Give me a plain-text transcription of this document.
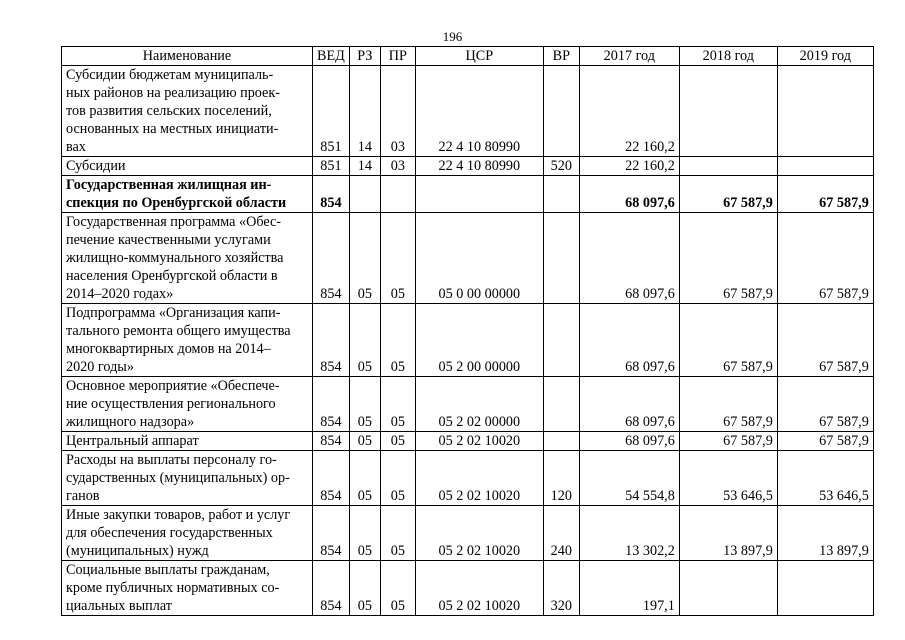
196
Наименование	ВЕД	РЗ	ПР	ЦСР	ВР	2017 год	2018 год	2019 год
Субсидии бюджетам муниципаль-
ных районов на реализацию проек-
тов развития сельских поселений,
основанных на местных инициати-
вах	851	14	03	22 4 10 80990		22 160,2		
Субсидии	851	14	03	22 4 10 80990	520	22 160,2		
Государственная жилищная ин-
спекция по Оренбургской области	854					68 097,6	67 587,9	67 587,9
Государственная программа «Обес-
печение качественными услугами
жилищно-коммунального хозяйства
населения Оренбургской области в
2014–2020 годах»	854	05	05	05 0 00 00000		68 097,6	67 587,9	67 587,9
Подпрограмма «Организация капи-
тального ремонта общего имущества
многоквартирных домов на 2014–
2020 годы»	854	05	05	05 2 00 00000		68 097,6	67 587,9	67 587,9
Основное мероприятие «Обеспече-
ние осуществления регионального
жилищного надзора»	854	05	05	05 2 02 00000		68 097,6	67 587,9	67 587,9
Центральный аппарат	854	05	05	05 2 02 10020		68 097,6	67 587,9	67 587,9
Расходы на выплаты персоналу го-
сударственных (муниципальных) ор-
ганов	854	05	05	05 2 02 10020	120	54 554,8	53 646,5	53 646,5
Иные закупки товаров, работ и услуг
для обеспечения государственных
(муниципальных) нужд	854	05	05	05 2 02 10020	240	13 302,2	13 897,9	13 897,9
Социальные выплаты гражданам,
кроме публичных нормативных со-
циальных выплат	854	05	05	05 2 02 10020	320	197,1		
